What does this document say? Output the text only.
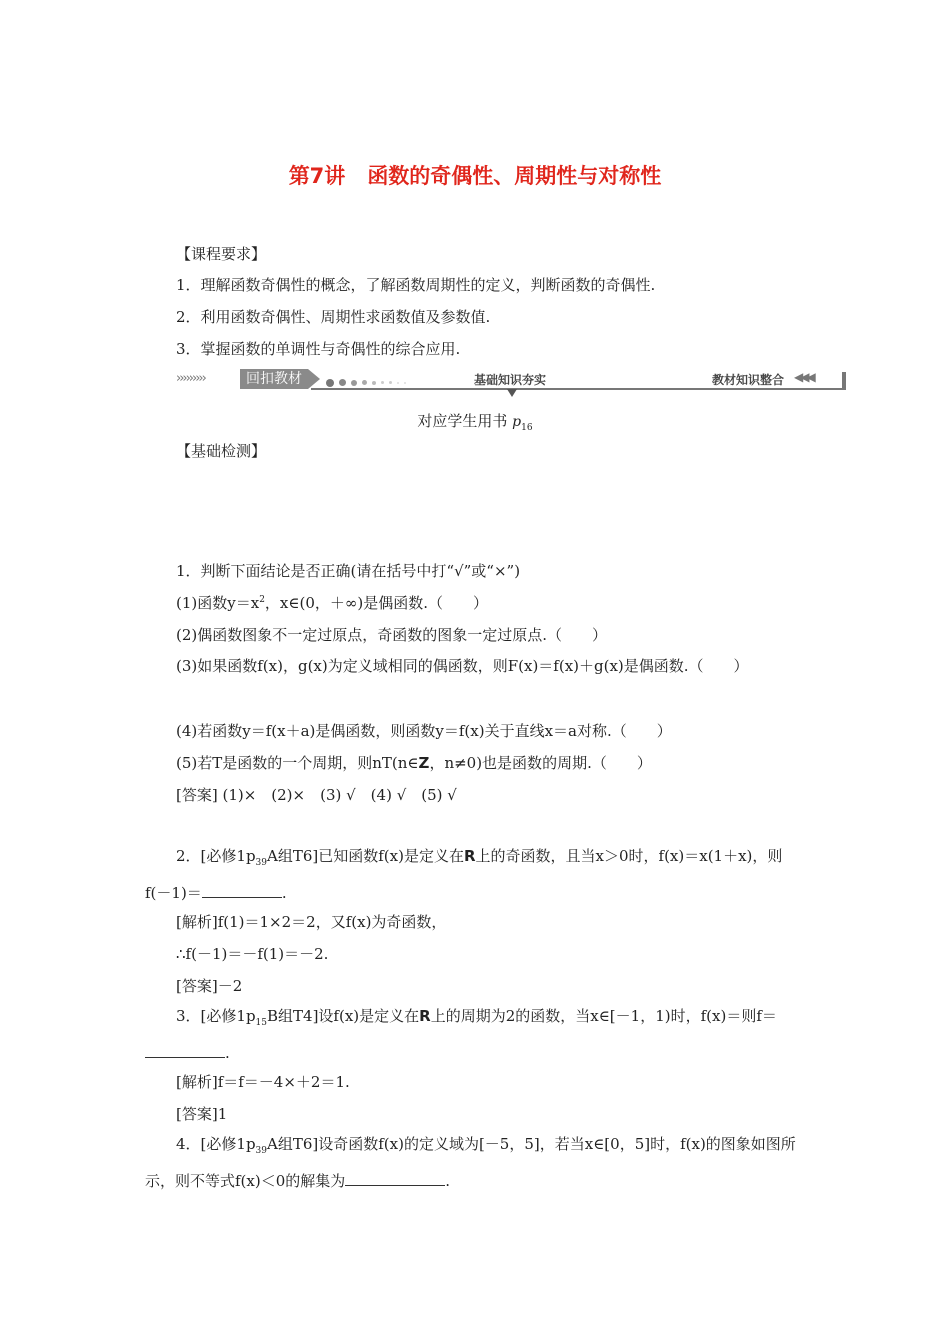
第7讲 函数的奇偶性、周期性与对称性
【课程要求】
1．理解函数奇偶性的概念，了解函数周期性的定义，判断函数的奇偶性.
2．利用函数奇偶性、周期性求函数值及参数值.
3．掌握函数的单调性与奇偶性的综合应用.
›››››››››	回扣教材	基础知识夯实	教材知识整合 ◀◀◀
对应学生用书 $p_{16}$
【基础检测】
1．判断下面结论是否正确(请在括号中打“√”或“×”)
(1)函数$y=x^2$，x∈(0，＋∞)是偶函数.（　　）
(2)偶函数图象不一定过原点，奇函数的图象一定过原点.（　　）
(3)如果函数f(x)，g(x)为定义域相同的偶函数，则F(x)＝f(x)＋g(x)是偶函数.（　　）
(4)若函数y＝f(x＋a)是偶函数，则函数y＝f(x)关于直线x＝a对称.（　　）
(5)若T是函数的一个周期，则nT(n∈Z，n≠0)也是函数的周期.（　　）
[答案] (1)×　(2)×　(3) √　(4) √　(5) √
2．[必修$1p_{39}A$组T6]已知函数f(x)是定义在R上的奇函数，且当x＞0时，f(x)＝x(1＋x)，则f(－1)＝	.
[解析]f(1)＝1×2＝2，又f(x)为奇函数，
∴f(－1)＝－f(1)＝－2.
[答案]－2
3．[必修$1p_{15}B$组T4]设f(x)是定义在R上的周期为2的函数，当x∈[－1，1)时，f(x)＝则f＝.
[解析]f＝f＝－4×＋2＝1.
[答案]1
4．[必修$1p_{39}A$组T6]设奇函数f(x)的定义域为[－5，5]，若当x∈[0，5]时，f(x)的图象如图所示，则不等式f(x)＜0的解集为	.
